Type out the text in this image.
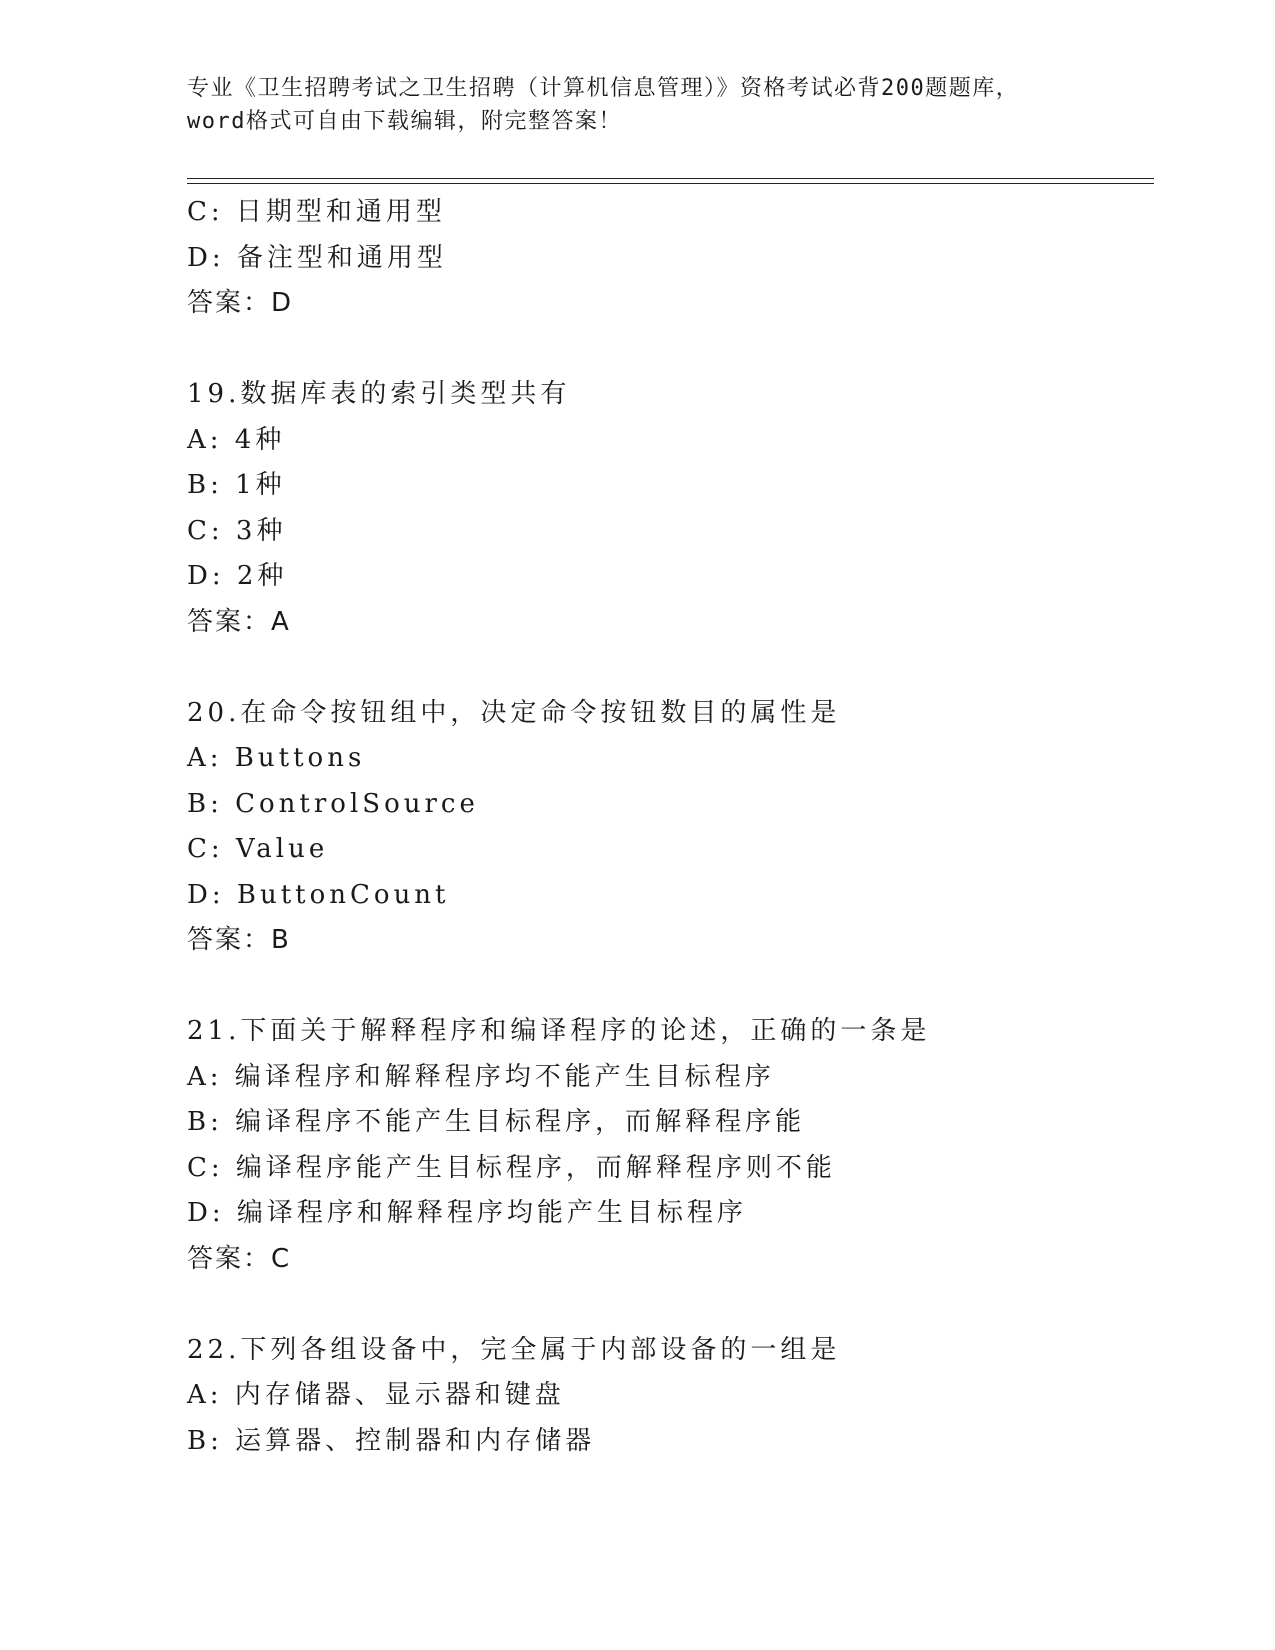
专业《卫生招聘考试之卫生招聘（计算机信息管理）》资格考试必背200题题库，
word格式可自由下载编辑，附完整答案！
C: 日期型和通用型
D: 备注型和通用型
答案：D
19.数据库表的索引类型共有
A: 4种
B: 1种
C: 3种
D: 2种
答案：A
20.在命令按钮组中，决定命令按钮数目的属性是
A: Buttons
B: ControlSource
C: Value
D: ButtonCount
答案：B
21.下面关于解释程序和编译程序的论述，正确的一条是
A: 编译程序和解释程序均不能产生目标程序
B: 编译程序不能产生目标程序，而解释程序能
C: 编译程序能产生目标程序，而解释程序则不能
D: 编译程序和解释程序均能产生目标程序
答案：C
22.下列各组设备中，完全属于内部设备的一组是
A: 内存储器、显示器和键盘
B: 运算器、控制器和内存储器
